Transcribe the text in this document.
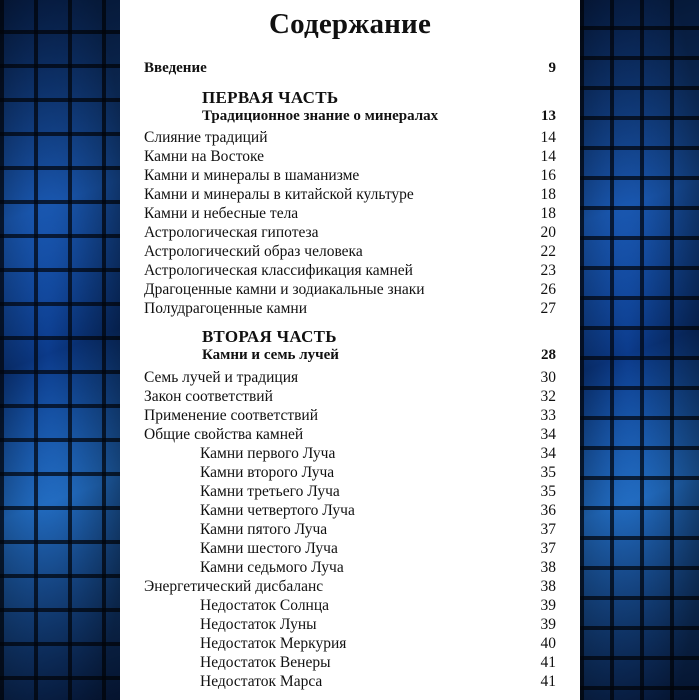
Содержание
Введение	9
ПЕРВАЯ ЧАСТЬ
Традиционное знание о минералах	13
Слияние традиций	14
Камни на Востоке	14
Камни и минералы в шаманизме	16
Камни и минералы в китайской культуре	18
Камни и небесные тела	18
Астрологическая гипотеза	20
Астрологический образ человека	22
Астрологическая классификация камней	23
Драгоценные камни и зодиакальные знаки	26
Полудрагоценные камни	27
ВТОРАЯ ЧАСТЬ
Камни и семь лучей	28
Семь лучей и традиция	30
Закон соответствий	32
Применение соответствий	33
Общие свойства камней	34
Камни первого Луча	34
Камни второго Луча	35
Камни третьего Луча	35
Камни четвертого Луча	36
Камни пятого Луча	37
Камни шестого Луча	37
Камни седьмого Луча	38
Энергетический дисбаланс	38
Недостаток Солнца	39
Недостаток Луны	39
Недостаток Меркурия	40
Недостаток Венеры	41
Недостаток Марса	41
